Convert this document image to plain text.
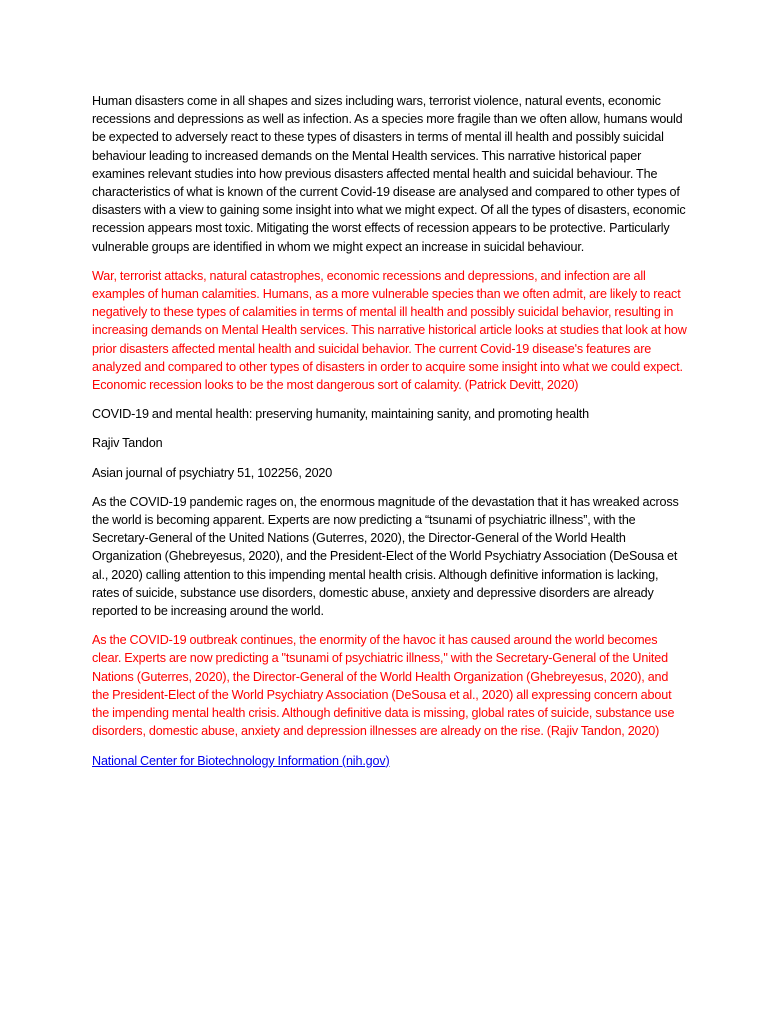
Human disasters come in all shapes and sizes including wars, terrorist violence, natural events, economic recessions and depressions as well as infection. As a species more fragile than we often allow, humans would be expected to adversely react to these types of disasters in terms of mental ill health and possibly suicidal behaviour leading to increased demands on the Mental Health services. This narrative historical paper examines relevant studies into how previous disasters affected mental health and suicidal behaviour. The characteristics of what is known of the current Covid-19 disease are analysed and compared to other types of disasters with a view to gaining some insight into what we might expect. Of all the types of disasters, economic recession appears most toxic. Mitigating the worst effects of recession appears to be protective. Particularly vulnerable groups are identified in whom we might expect an increase in suicidal behaviour.

War, terrorist attacks, natural catastrophes, economic recessions and depressions, and infection are all examples of human calamities. Humans, as a more vulnerable species than we often admit, are likely to react negatively to these types of calamities in terms of mental ill health and possibly suicidal behavior, resulting in increasing demands on Mental Health services. This narrative historical article looks at studies that look at how prior disasters affected mental health and suicidal behavior. The current Covid-19 disease's features are analyzed and compared to other types of disasters in order to acquire some insight into what we could expect. Economic recession looks to be the most dangerous sort of calamity. (Patrick Devitt, 2020)

COVID-19 and mental health: preserving humanity, maintaining sanity, and promoting health

Rajiv Tandon

Asian journal of psychiatry 51, 102256, 2020

As the COVID-19 pandemic rages on, the enormous magnitude of the devastation that it has wreaked across the world is becoming apparent. Experts are now predicting a “tsunami of psychiatric illness”, with the Secretary-General of the United Nations (Guterres, 2020), the Director-General of the World Health Organization (Ghebreyesus, 2020), and the President-Elect of the World Psychiatry Association (DeSousa et al., 2020) calling attention to this impending mental health crisis. Although definitive information is lacking, rates of suicide, substance use disorders, domestic abuse, anxiety and depressive disorders are already reported to be increasing around the world.

As the COVID-19 outbreak continues, the enormity of the havoc it has caused around the world becomes clear. Experts are now predicting a "tsunami of psychiatric illness," with the Secretary-General of the United Nations (Guterres, 2020), the Director-General of the World Health Organization (Ghebreyesus, 2020), and the President-Elect of the World Psychiatry Association (DeSousa et al., 2020) all expressing concern about the impending mental health crisis. Although definitive data is missing, global rates of suicide, substance use disorders, domestic abuse, anxiety and depression illnesses are already on the rise. (Rajiv Tandon, 2020)

National Center for Biotechnology Information (nih.gov)
